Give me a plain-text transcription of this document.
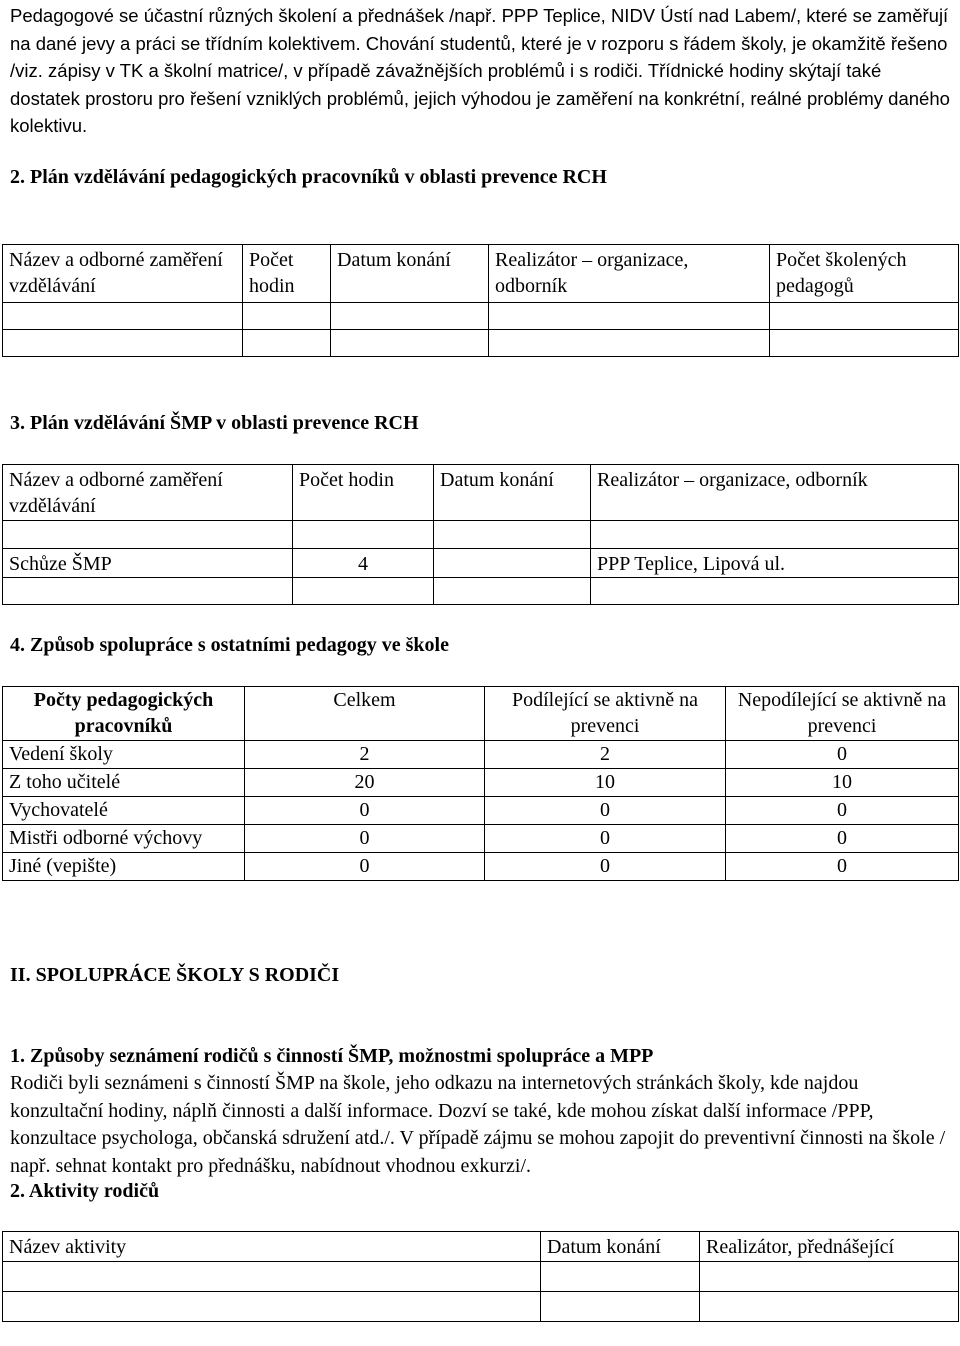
Pedagogové se účastní různých školení a přednášek /např. PPP Teplice, NIDV Ústí nad Labem/, které se zaměřují na dané jevy a práci se třídním kolektivem. Chování studentů, které je v rozporu s řádem školy, je okamžitě řešeno /viz. zápisy v TK a školní matrice/, v případě závažnějších problémů i s rodiči. Třídnické hodiny skýtají také dostatek prostoru pro řešení vzniklých problémů, jejich výhodou je zaměření na konkrétní, reálné problémy daného kolektivu.
2. Plán vzdělávání pedagogických pracovníků v oblasti prevence RCH
Název a odborné zaměření vzdělávání	Počet hodin	Datum konání	Realizátor – organizace, odborník	Počet školených pedagogů

3. Plán vzdělávání ŠMP v oblasti prevence RCH
Název a odborné zaměření vzdělávání	Počet hodin	Datum konání	Realizátor – organizace, odborník

Schůze ŠMP	4		PPP Teplice, Lipová ul.

4. Způsob spolupráce s ostatními pedagogy ve škole
Počty pedagogických pracovníků	Celkem	Podílející se aktivně na prevenci	Nepodílející se aktivně na prevenci
Vedení školy	2	2	0
Z toho učitelé	20	10	10
Vychovatelé	0	0	0
Mistři odborné výchovy	0	0	0
Jiné (vepište)	0	0	0
II. SPOLUPRÁCE ŠKOLY S RODIČI
1. Způsoby seznámení rodičů s činností ŠMP, možnostmi spolupráce a MPP
Rodiči byli seznámeni s činností ŠMP na škole, jeho odkazu na internetových stránkách školy, kde najdou konzultační hodiny, náplň činnosti a další informace. Dozví se také, kde mohou získat další informace /PPP, konzultace psychologa, občanská sdružení atd./. V případě zájmu se mohou zapojit do preventivní činnosti na škole / např. sehnat kontakt pro přednášku, nabídnout vhodnou exkurzi/.
2. Aktivity rodičů
Název aktivity	Datum konání	Realizátor, přednášející
